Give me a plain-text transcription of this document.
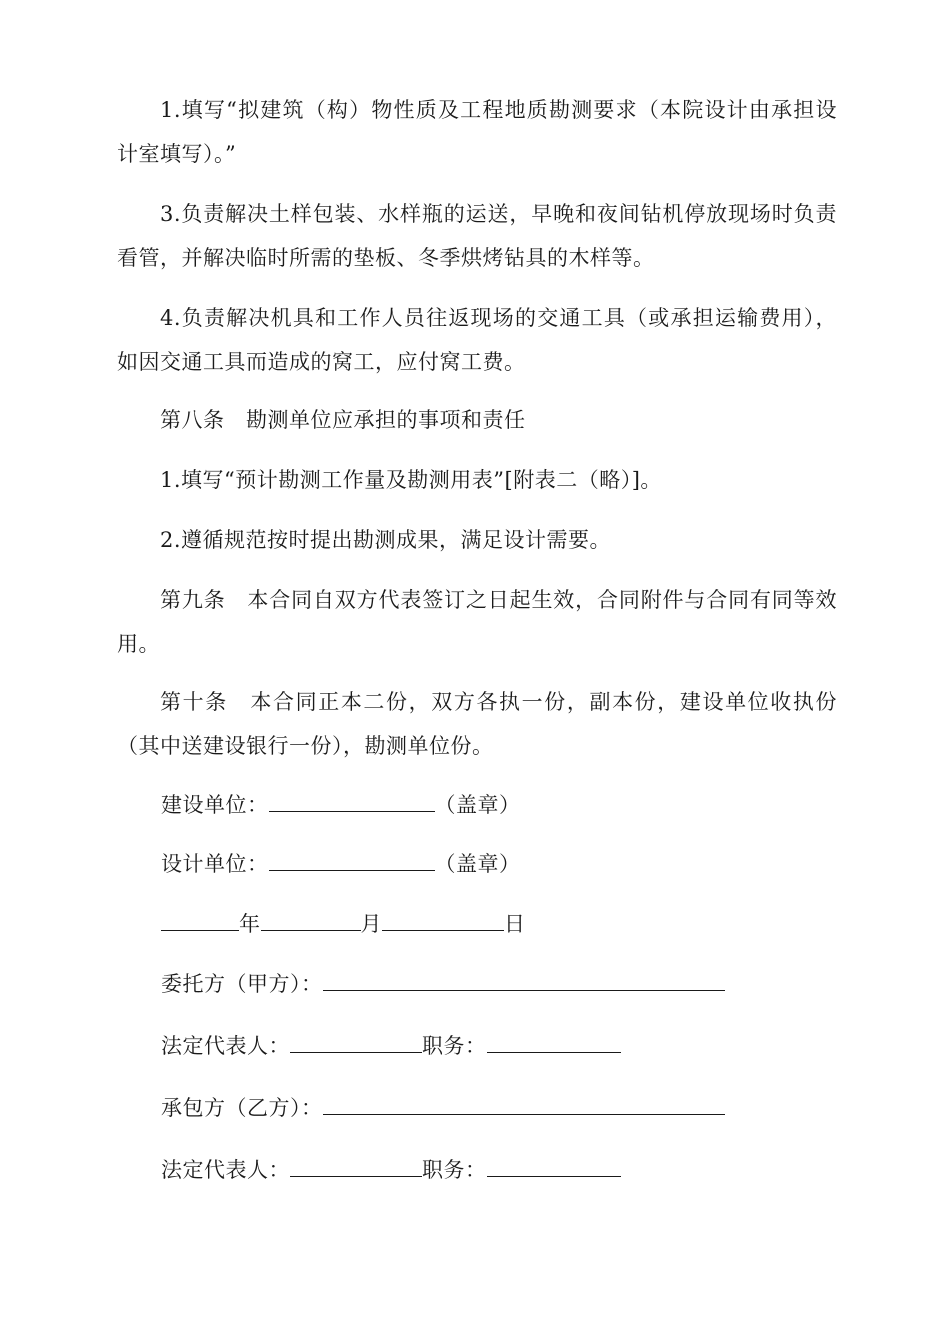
1.填写“拟建筑（构）物性质及工程地质勘测要求（本院设计由承担设计室填写）。”

3.负责解决土样包装、水样瓶的运送，早晚和夜间钻机停放现场时负责看管，并解决临时所需的垫板、冬季烘烤钻具的木样等。

4.负责解决机具和工作人员往返现场的交通工具（或承担运输费用），如因交通工具而造成的窝工，应付窝工费。

第八条　勘测单位应承担的事项和责任

1.填写“预计勘测工作量及勘测用表”[附表二（略）]。

2.遵循规范按时提出勘测成果，满足设计需要。

第九条　本合同自双方代表签订之日起生效，合同附件与合同有同等效用。

第十条　本合同正本二份，双方各执一份，副本份，建设单位收执份（其中送建设银行一份），勘测单位份。

建设单位：	（盖章）
设计单位：	（盖章）
年	月	日
委托方（甲方）：
法定代表人：	职务：
承包方（乙方）：
法定代表人：	职务：
